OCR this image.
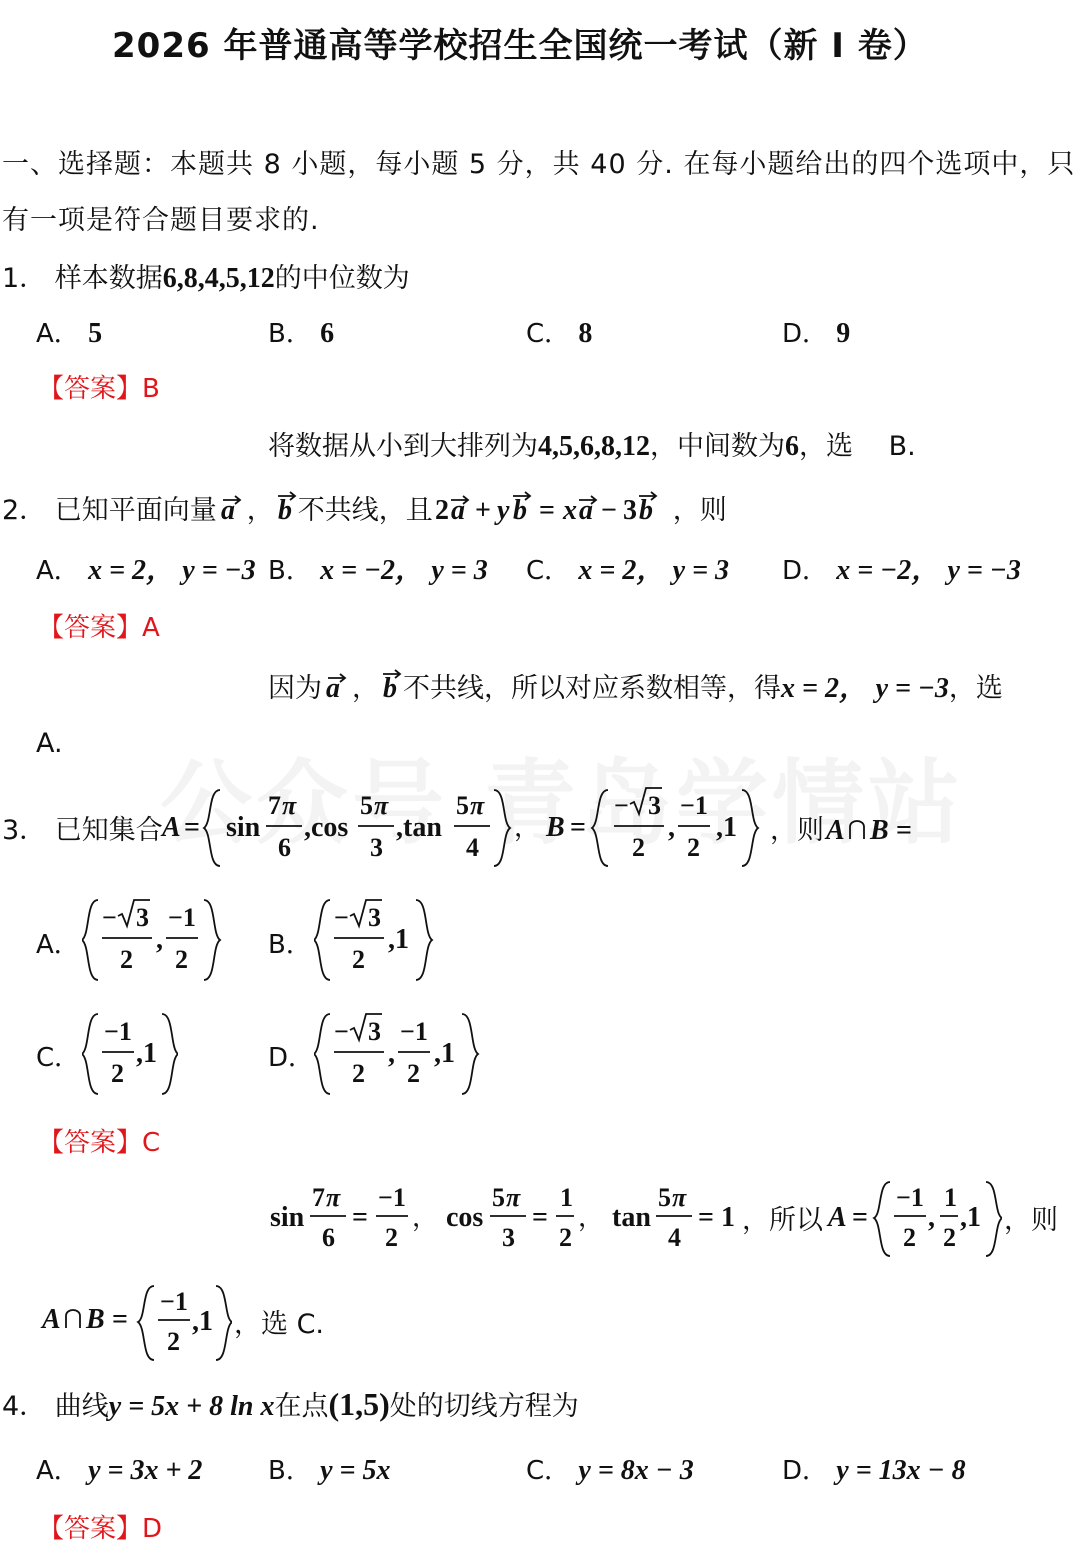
2026 年普通高等学校招生全国统一考试（新 I 卷）
一、选择题：本题共 8 小题，每小题 5 分，共 40 分. 在每小题给出的四个选项中，只
有一项是符合题目要求的.
1． 样本数据6,8,4,5,12的中位数为
A． 5	B． 6	C． 8	D． 9
【答案】B
将数据从小到大排列为4,5,6,8,12，中间数为6，选　 B.
2． 已知平面向量 a ， b 不共线，且 2 a + y b = x a − 3 b ，则
A． x = 2， y = −3 B． x = −2， y = 3 C． x = 2， y = 3 D． x = −2， y = −3
【答案】A
因为 a ， b 不共线，所以对应系数相等，得x = 2， y = −3，选
A.
3． 已知集合 A = sin
7 π
6
,cos
5 π
3
,tan
5 π
4
， B =
− 3
2
,
−1
2
,1 ，则 A B =
A．
− 3
2
,
−1
2	B．
− 3
2
,1
C．
−1
2
,1	D．
− 3
2
,
−1
2
,1
【答案】C
sin
7 π
6
=
−1
2
， cos
5 π
3
=
1
2
， tan
5 π
4
= 1 ，所以 A =
−1
2
,
1
2
,1 ，则
A B =
−1
2
,1 ，选 C.
4． 曲线y = 5x + 8 ln x在点(1,5)处的切线方程为
A． y = 3x + 2	B． y = 5x	C． y = 8x − 3	D． y = 13x − 8
【答案】D
